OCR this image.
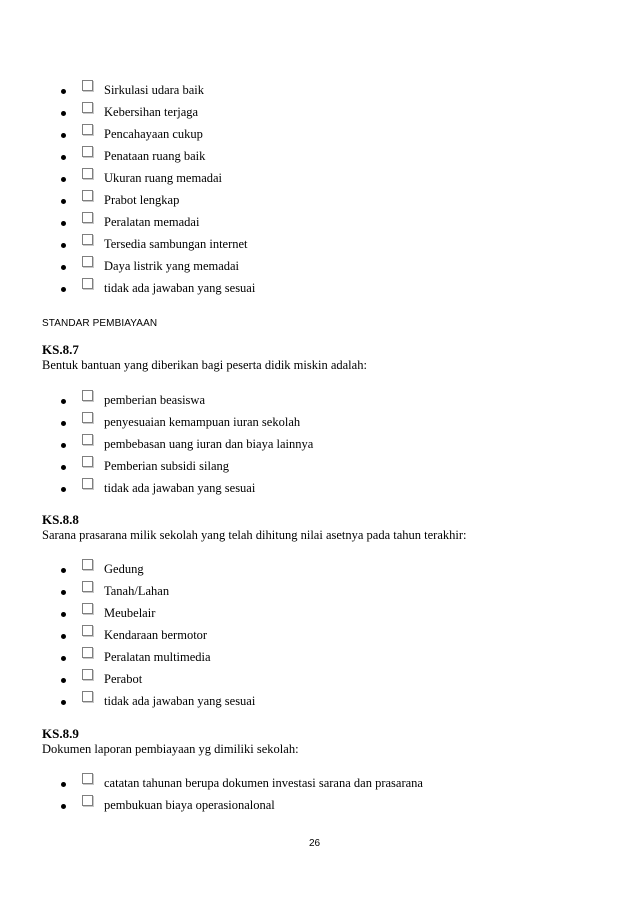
Sirkulasi udara baik
Kebersihan terjaga
Pencahayaan cukup
Penataan ruang baik
Ukuran ruang memadai
Prabot lengkap
Peralatan memadai
Tersedia sambungan internet
Daya listrik yang memadai
tidak ada jawaban yang sesuai
STANDAR PEMBIAYAAN
KS.8.7
Bentuk bantuan yang diberikan bagi peserta didik miskin adalah:
pemberian beasiswa
penyesuaian kemampuan iuran sekolah
pembebasan uang iuran dan biaya lainnya
Pemberian subsidi silang
tidak ada jawaban yang sesuai
KS.8.8
Sarana prasarana milik sekolah yang telah dihitung nilai asetnya pada tahun terakhir:
Gedung
Tanah/Lahan
Meubelair
Kendaraan bermotor
Peralatan multimedia
Perabot
tidak ada jawaban yang sesuai
KS.8.9
Dokumen laporan pembiayaan yg dimiliki sekolah:
catatan tahunan berupa dokumen investasi sarana dan prasarana
pembukuan biaya operasionalonal
26
